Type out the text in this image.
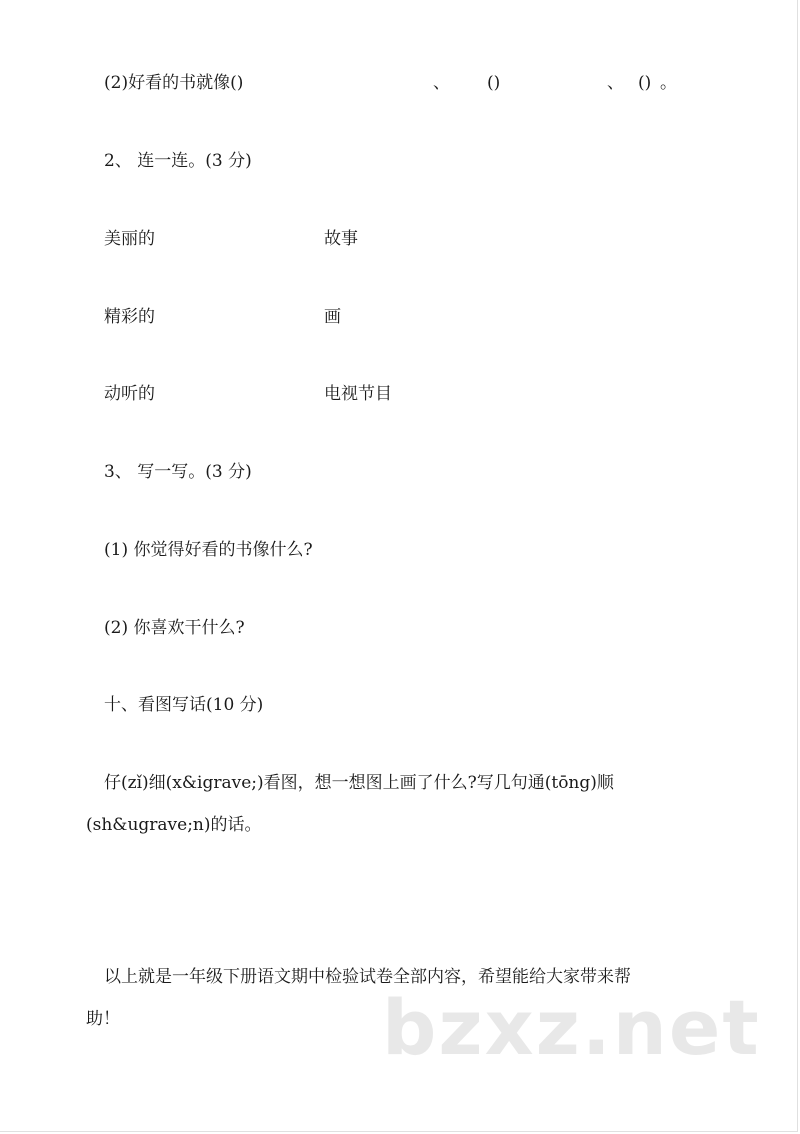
(2)好看的书就像()	、 ()	、 () 。
2、 连一连。(3 分)
美丽的	故事
精彩的	画
动听的	电视节目
3、 写一写。(3 分)
(1) 你觉得好看的书像什么?
(2) 你喜欢干什么?
十、看图写话(10 分)
仔(zǐ)细(x&igrave;)看图，想一想图上画了什么?写几句通(tōng)顺
(sh&ugrave;n)的话。
以上就是一年级下册语文期中检验试卷全部内容，希望能给大家带来帮
助！	bzxz.net
